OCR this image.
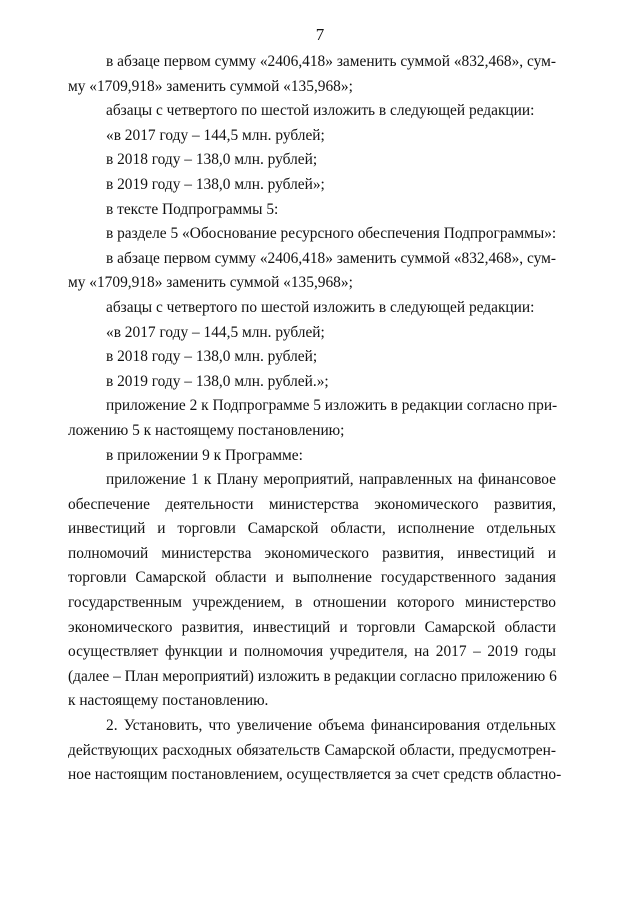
7
в абзаце первом сумму «2406,418» заменить суммой «832,468», сум-
му «1709,918» заменить суммой «135,968»;
абзацы с четвертого по шестой изложить в следующей редакции:
«в 2017 году – 144,5 млн. рублей;
в 2018 году – 138,0 млн. рублей;
в 2019 году – 138,0 млн. рублей»;
в тексте Подпрограммы 5:
в разделе 5 «Обоснование ресурсного обеспечения Подпрограммы»:
в абзаце первом сумму «2406,418» заменить суммой «832,468», сум-
му «1709,918» заменить суммой «135,968»;
абзацы с четвертого по шестой изложить в следующей редакции:
«в 2017 году – 144,5 млн. рублей;
в 2018 году – 138,0 млн. рублей;
в 2019 году – 138,0 млн. рублей.»;
приложение 2 к Подпрограмме 5 изложить в редакции согласно при-
ложению 5 к настоящему постановлению;
в приложении 9 к Программе:
приложение 1 к Плану мероприятий, направленных на финансовое
обеспечение деятельности министерства экономического развития,
инвестиций и торговли Самарской области, исполнение отдельных
полномочий министерства экономического развития, инвестиций и
торговли Самарской области и выполнение государственного задания
государственным учреждением, в отношении которого министерство
экономического развития, инвестиций и торговли Самарской области
осуществляет функции и полномочия учредителя, на 2017 – 2019 годы
(далее – План мероприятий) изложить в редакции согласно приложению 6
к настоящему постановлению.
2. Установить, что увеличение объема финансирования отдельных
действующих расходных обязательств Самарской области, предусмотрен-
ное настоящим постановлением, осуществляется за счет средств областно-
